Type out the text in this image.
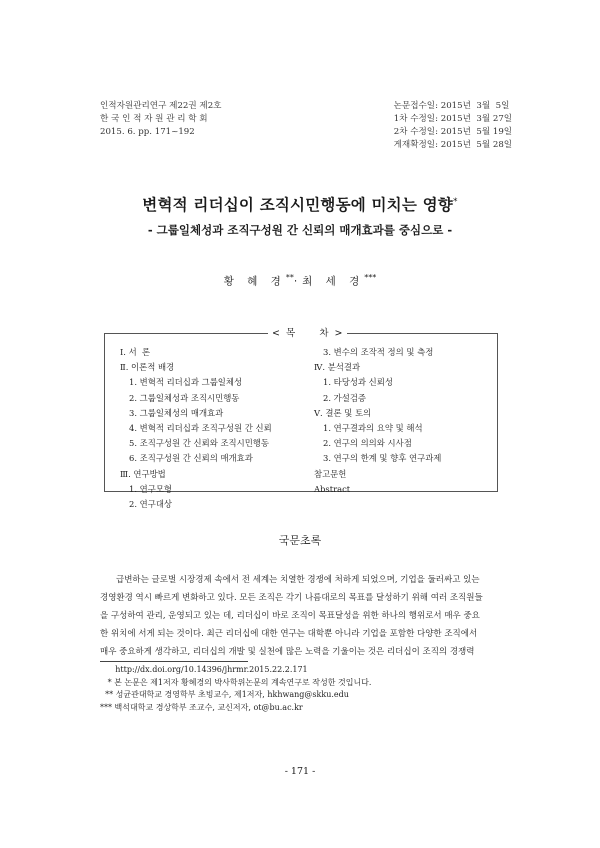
인적자원관리연구 제22권 제2호
한 국 인 적 자 원 관 리 학 회
2015. 6. pp. 171~192
논문접수일: 2015년  3월  5일
1차 수정일: 2015년  3월 27일
2차 수정일: 2015년  5월 19일
게재확정일: 2015년  5월 28일
변혁적 리더십이 조직시민행동에 미치는 영향*
- 그룹일체성과 조직구성원 간 신뢰의 매개효과를 중심으로 -
황 혜 경**·최 세 경***
<  목        차  >
Ⅰ. 서  론
Ⅱ. 이론적 배경
1. 변혁적 리더십과 그룹일체성
2. 그룹일체성과 조직시민행동
3. 그룹일체성의 매개효과
4. 변혁적 리더십과 조직구성원 간 신뢰
5. 조직구성원 간 신뢰와 조직시민행동
6. 조직구성원 간 신뢰의 매개효과
Ⅲ. 연구방법
1. 연구모형
2. 연구대상
3. 변수의 조작적 정의 및 측정
Ⅳ. 분석결과
1. 타당성과 신뢰성
2. 가설검증
Ⅴ. 결론 및 토의
1. 연구결과의 요약 및 해석
2. 연구의 의의와 시사점
3. 연구의 한계 및 향후 연구과제
참고문헌
Abstract
국문초록

급변하는 글로벌 시장경제 속에서 전 세계는 치열한 경쟁에 처하게 되었으며, 기업을 둘러싸고 있는

경영환경 역시 빠르게 변화하고 있다. 모든 조직은 각기 나름대로의 목표를 달성하기 위해 여러 조직원들

을 구성하여 관리, 운영되고 있는 데, 리더십이 바로 조직이 목표달성을 위한 하나의 행위로서 매우 중요

한 위치에 서게 되는 것이다. 최근 리더십에 대한 연구는 대학뿐 아니라 기업을 포함한 다양한 조직에서

매우 중요하게 생각하고, 리더십의 개발 및 실천에 많은 노력을 기울이는 것은 리더십이 조직의 경쟁력

http://dx.doi.org/10.14396/jhrmr.2015.22.2.171
* 본 논문은 제1저자 황혜경의 박사학위논문의 계속연구로 작성한 것입니다.
** 성균관대학교 경영학부 초빙교수, 제1저자, hkhwang@skku.edu
*** 백석대학교 경상학부 조교수, 교신저자, ot@bu.ac.kr
- 171 -
